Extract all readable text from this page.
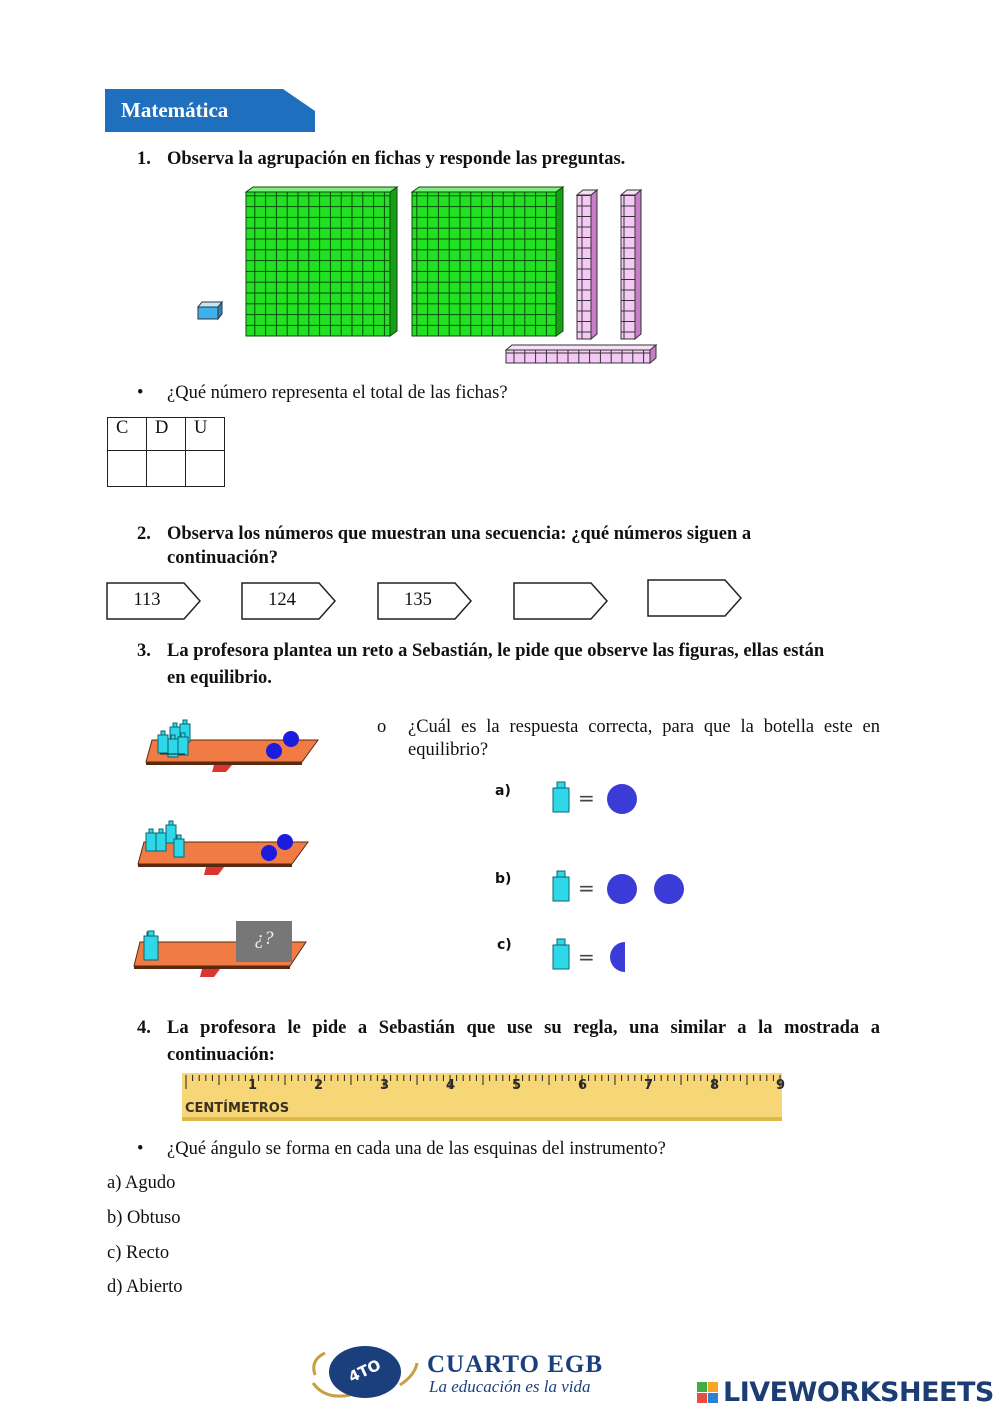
Matemática
1. Observa la agrupación en fichas y responde las preguntas.
• ¿Qué número representa el total de las fichas?
C	D	U

2. Observa los números que muestran una secuencia: ¿qué números siguen a
continuación?
113	124	135
3. La profesora plantea un reto a Sebastián, le pide que observe las figuras, ellas están
en equilibrio.
¿?
o ¿Cuál es la respuesta correcta, para que la botella este en
equilibrio?
a)	=
b)	=
c)	=
4. La profesora le pide a Sebastián que use su regla, una similar a la mostrada a
continuación:
1	2	3	4	5	6	7	8	9
CENTÍMETROS
• ¿Qué ángulo se forma en cada una de las esquinas del instrumento?
a) Agudo
b) Obtuso
c) Recto
d) Abierto
4TO CUARTO EGB
La educación es la vida	LIVEWORKSHEETS
